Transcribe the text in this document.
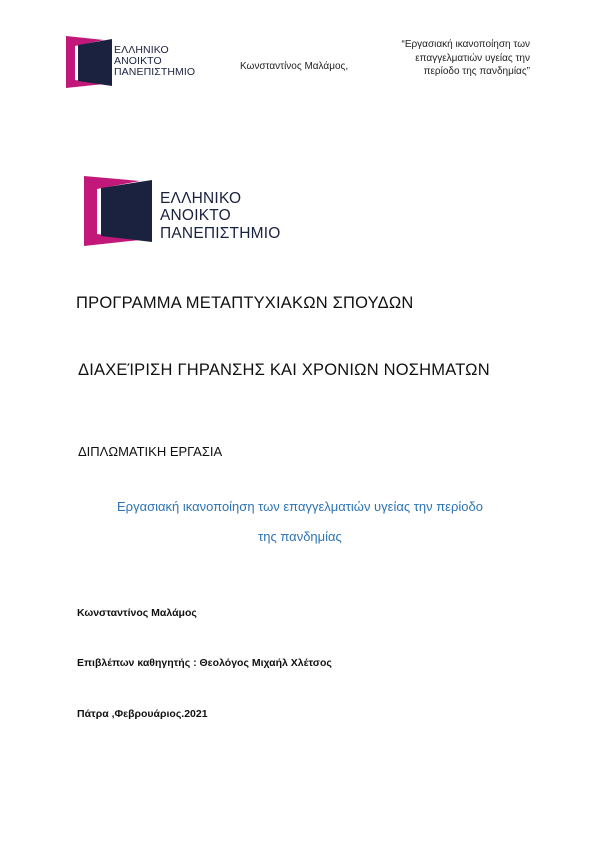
ΕΛΛΗΝΙΚΟ
ΑΝΟΙΚΤΟ
ΠΑΝΕΠΙΣΤΗΜΙΟ	Κωνσταντίνος Μαλάμος,
“Εργασιακή ικανοποίηση των
επαγγελματιών υγείας την
περίοδο της πανδημίας”
ΕΛΛΗΝΙΚΟ
ΑΝΟΙΚΤΟ
ΠΑΝΕΠΙΣΤΗΜΙΟ
ΠΡΟΓΡΑΜΜΑ ΜΕΤΑΠΤΥΧΙΑΚΩΝ ΣΠΟΥΔΩΝ
ΔΙΑΧΕΊΡΙΣΗ ΓΗΡΑΝΣΗΣ ΚΑΙ ΧΡΟΝΙΩΝ ΝΟΣΗΜΑΤΩΝ
ΔΙΠΛΩΜΑΤΙΚΗ ΕΡΓΑΣΙΑ
Εργασιακή ικανοποίηση των επαγγελματιών υγείας την περίοδο
της πανδημίας
Κωνσταντίνος Μαλάμος
Επιβλέπων καθηγητής : Θεολόγος Μιχαήλ Χλέτσος
Πάτρα ,Φεβρουάριος.2021
